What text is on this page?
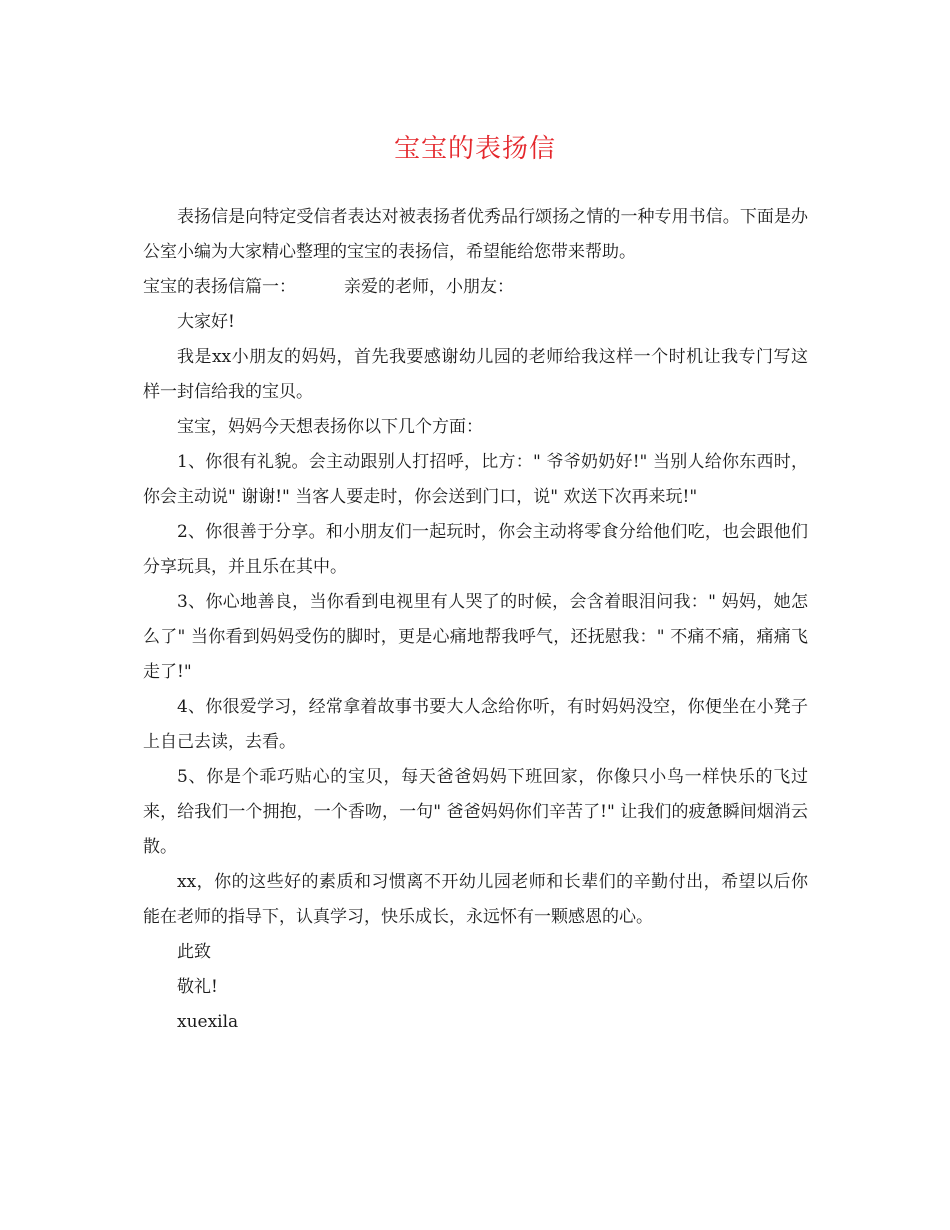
宝宝的表扬信

表扬信是向特定受信者表达对被表扬者优秀品行颂扬之情的一种专用书信。下面是办公室小编为大家精心整理的宝宝的表扬信，希望能给您带来帮助。

宝宝的表扬信篇一：	亲爱的老师，小朋友：

大家好!

我是xx小朋友的妈妈，首先我要感谢幼儿园的老师给我这样一个时机让我专门写这样一封信给我的宝贝。

宝宝，妈妈今天想表扬你以下几个方面：

1、你很有礼貌。会主动跟别人打招呼，比方：" 爷爷奶奶好!" 当别人给你东西时，你会主动说" 谢谢!" 当客人要走时，你会送到门口，说" 欢送下次再来玩!"

2、你很善于分享。和小朋友们一起玩时，你会主动将零食分给他们吃，也会跟他们分享玩具，并且乐在其中。

3、你心地善良，当你看到电视里有人哭了的时候，会含着眼泪问我：" 妈妈，她怎么了" 当你看到妈妈受伤的脚时，更是心痛地帮我呼气，还抚慰我：" 不痛不痛，痛痛飞走了!"

4、你很爱学习，经常拿着故事书要大人念给你听，有时妈妈没空，你便坐在小凳子上自己去读，去看。

5、你是个乖巧贴心的宝贝，每天爸爸妈妈下班回家，你像只小鸟一样快乐的飞过来，给我们一个拥抱，一个香吻，一句" 爸爸妈妈你们辛苦了!" 让我们的疲惫瞬间烟消云散。

xx，你的这些好的素质和习惯离不开幼儿园老师和长辈们的辛勤付出，希望以后你能在老师的指导下，认真学习，快乐成长，永远怀有一颗感恩的心。

此致

敬礼!

xuexila
